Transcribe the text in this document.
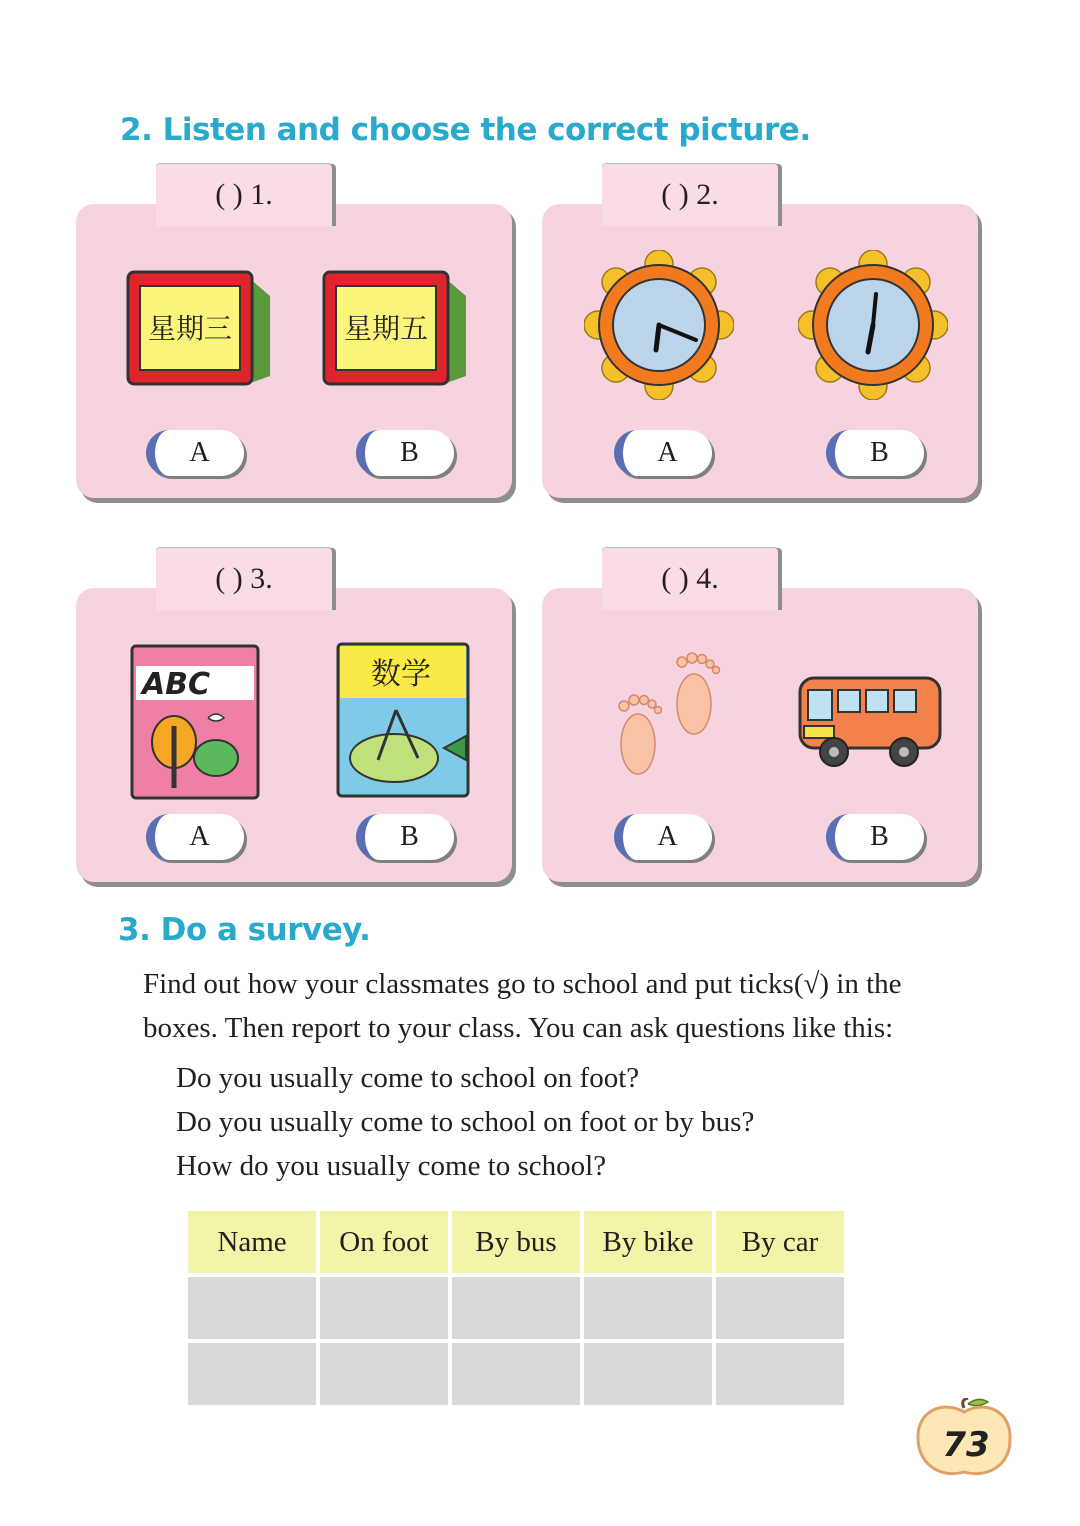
2. Listen and choose the correct picture.
( ) 1.
星期三	星期五
A	B
( ) 2.
A	B
( ) 3.
ABC	数学
A	B
( ) 4.
A	B
3. Do a survey.
Find out how your classmates go to school and put ticks(√) in the
boxes. Then report to your class. You can ask questions like this:
Do you usually come to school on foot?
Do you usually come to school on foot or by bus?
How do you usually come to school?
Name	On foot	By bus	By bike	By car

73
